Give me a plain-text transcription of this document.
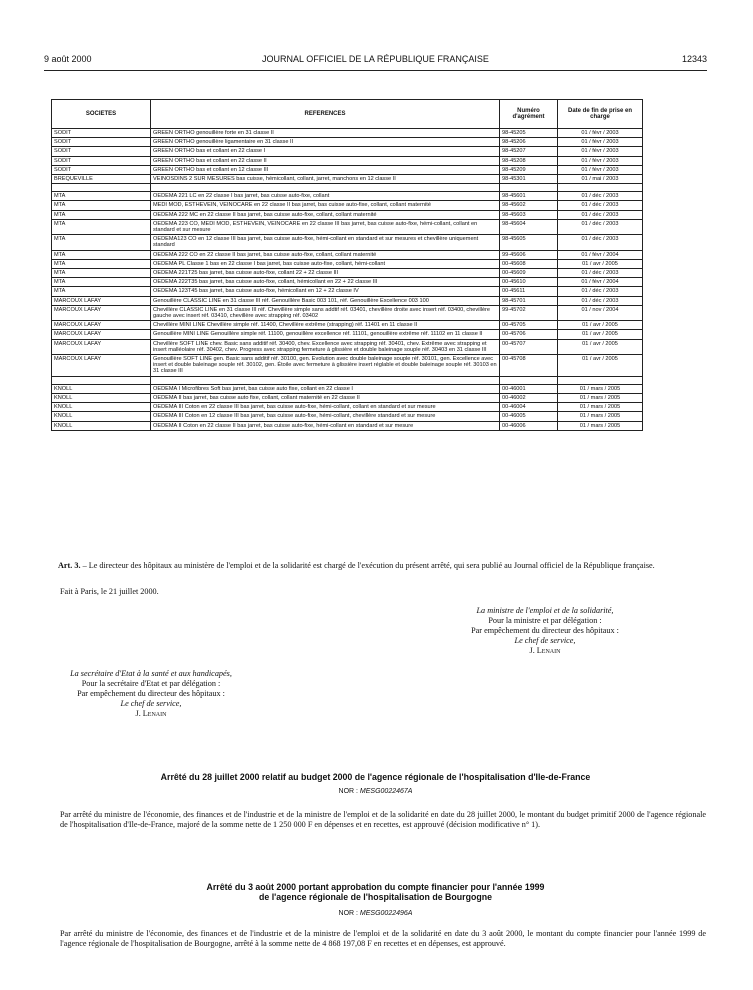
9 août 2000	JOURNAL OFFICIEL DE LA RÉPUBLIQUE FRANÇAISE	12343
SOCIETES	REFERENCES	Numéro d'agrément	Date de fin de prise en charge
SODIT	GREEN ORTHO genouillère forte en 31 classe II	98-45205	01 / févr / 2003
SODIT	GREEN ORTHO genouillère ligamentaire en 31 classe II	98-45206	01 / févr / 2003
SODIT	GREEN ORTHO bas et collant en 22 classe I	98-45207	01 / févr / 2003
SODIT	GREEN ORTHO bas et collant en 22 classe II	98-45208	01 / févr / 2003
SODIT	GREEN ORTHO bas et collant en 12 classe III	98-45209	01 / févr / 2003
BREQUEVILLE	VEINOSDINS 2 SUR MESURES bas cuisse, hémicollant, collant, jarret, manchons en 12 classe II	98-45301	01 / mai / 2003

MTA	OEDEMA 221 LC en 22 classe I bas jarret, bas cuisse auto-fixe, collant	98-45601	01 / déc / 2003
MTA	MEDI MOD, ESTHEVEIN, VEINOCARE en 22 classe II bas jarret, bas cuisse auto-fixe, collant, collant maternité	98-45602	01 / déc / 2003
MTA	OEDEMA 222 MC en 22 classe II bas jarret, bas cuisse auto-fixe, collant, collant maternité	98-45603	01 / déc / 2003
MTA	OEDEMA 223 CO, MEDI MOD, ESTHEVEIN, VEINOCARE en 22 classe III bas jarret, bas cuisse auto-fixe, hémi-collant, collant en standard et sur mesure	98-45604	01 / déc / 2003
MTA	OEDEMA123 CO en 12 classe III bas jarret, bas cuisse auto-fixe, hémi-collant en standard et sur mesures et chevillère uniquement standard	98-45605	01 / déc / 2003
MTA	OEDEMA 222 CO en 22 classe II bas jarret, bas cuisse auto-fixe, collant, collant maternité	99-45606	01 / févr / 2004
MTA	OEDEMA PL Classe 1 bas en 22 classe I bas jarret, bas cuisse auto-fixe, collant, hémi-collant	00-45608	01 / avr / 2005
MTA	OEDEMA 221T25 bas jarret, bas cuisse auto-fixe, collant 22 + 22 classe III	00-45609	01 / déc / 2003
MTA	OEDEMA 222T35 bas jarret, bas cuisse auto-fixe, collant, hémicollant en 22 + 22 classe III	00-45610	01 / févr / 2004
MTA	OEDEMA 123T45 bas jarret, bas cuisse auto-fixe, hémicollant en 12 + 22 classe IV	00-45611	01 / déc / 2003
MARCOUX LAFAY	Genouillère CLASSIC LINE en 31 classe III réf. Genouillère Basic 003 101, réf. Genouillère Excellence 003 100	98-45701	01 / déc / 2003
MARCOUX LAFAY	Chevillère CLASSIC LINE en 31 classe III réf. Chevillère simple sans addtif réf. 03401, chevillère droite avec insert réf. 03400, chevillère gauche avec insert réf. 03410, chevillère avec strapping réf. 03402	99-45702	01 / nov / 2004
MARCOUX LAFAY	Chevillère MINI LINE Chevillère simple réf. 11400, Chevillère extrême (strapping) réf. 11401 en 11 classe II	00-45705	01 / avr / 2005
MARCOUX LAFAY	Genouillère MINI LINE Genouillère simple réf. 11100, genouillère excellence réf. 11101, genouillère extrême réf. 11102 en 11 classe II	00-45706	01 / avr / 2005
MARCOUX LAFAY	Chevillère SOFT LINE chev. Basic sans additif réf. 30400, chev. Excellence avec strapping réf. 30401, chev. Extrême avec strapping et insert malléolaire réf. 30402, chev. Progress avec strapping fermeture à glissière et double baleinage souple réf. 30403 en 31 classe III	00-45707	01 / avr / 2005
MARCOUX LAFAY	Genouillère SOFT LINE gen. Basic sans additif réf. 30100, gen. Evolution avec double baleinage souple réf. 30101, gen. Excellence avec insert et double baleinage souple réf. 30102, gen. Étoile avec fermeture à glissière insert réglable et double baleinage souple réf. 30103 en 31 classe III	00-45708	01 / avr / 2005

KNOLL	OEDEMA I Microfibres Soft bas jarret, bas cuisse auto fixe, collant en 22 classe I	00-46001	01 / mars / 2005
KNOLL	OEDEMA II bas jarret, bas cuisse auto fixe, collant, collant maternité en 22 classe II	00-46002	01 / mars / 2005
KNOLL	OEDEMA III Coton en 22 classe III bas jarret, bas cuisse auto-fixe, hémi-collant, collant en standard et sur mesure	00-46004	01 / mars / 2005
KNOLL	OEDEMA III Coton en 12 classe III bas jarret, bas cuisse auto-fixe, hémi-collant, chevillère standard et sur mesure	00-46005	01 / mars / 2005
KNOLL	OEDEMA II Coton en 22 classe II bas jarret, bas cuisse auto-fixe, hémi-collant en standard et sur mesure	00-46006	01 / mars / 2005
Art. 3. – Le directeur des hôpitaux au ministère de l'emploi et de la solidarité est chargé de l'exécution du présent arrêté, qui sera publié au Journal officiel de la République française.
Fait à Paris, le 21 juillet 2000.
La ministre de l'emploi et de la solidarité,
Pour la ministre et par délégation :
Par empêchement du directeur des hôpitaux :
Le chef de service,
J. Lenain
La secrétaire d'Etat à la santé et aux handicapés,
Pour la secrétaire d'Etat et par délégation :
Par empêchement du directeur des hôpitaux :
Le chef de service,
J. Lenain
Arrêté du 28 juillet 2000 relatif au budget 2000 de l'agence régionale de l'hospitalisation d'Ile-de-France
NOR : MESG0022467A
Par arrêté du ministre de l'économie, des finances et de l'industrie et de la ministre de l'emploi et de la solidarité en date du 28 juillet 2000, le montant du budget primitif 2000 de l'agence régionale de l'hospitalisation d'Ile-de-France, majoré de la somme nette de 1 250 000 F en dépenses et en recettes, est approuvé (décision modificative n° 1).
Arrêté du 3 août 2000 portant approbation du compte financier pour l'année 1999
de l'agence régionale de l'hospitalisation de Bourgogne
NOR : MESG0022496A
Par arrêté du ministre de l'économie, des finances et de l'industrie et de la ministre de l'emploi et de la solidarité en date du 3 août 2000, le montant du compte financier pour l'année 1999 de l'agence régionale de l'hospitalisation de Bourgogne, arrêté à la somme nette de 4 868 197,08 F en recettes et en dépenses, est approuvé.
